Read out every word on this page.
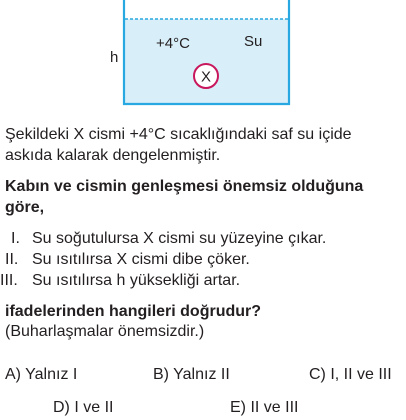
h
+4°C	Su
X
Şekildeki X cismi +4°C sıcaklığındaki saf su içide
askıda kalarak dengelenmiştir.
Kabın ve cismin genleşmesi önemsiz olduğuna
göre,
I. Su soğutulursa X cismi su yüzeyine çıkar.
II. Su ısıtılırsa X cismi dibe çöker.
III. Su ısıtılırsa h yüksekliği artar.
ifadelerinden hangileri doğrudur?
(Buharlaşmalar önemsizdir.)
A) Yalnız I	B) Yalnız II	C) I, II ve III
D) I ve II	E) II ve III
